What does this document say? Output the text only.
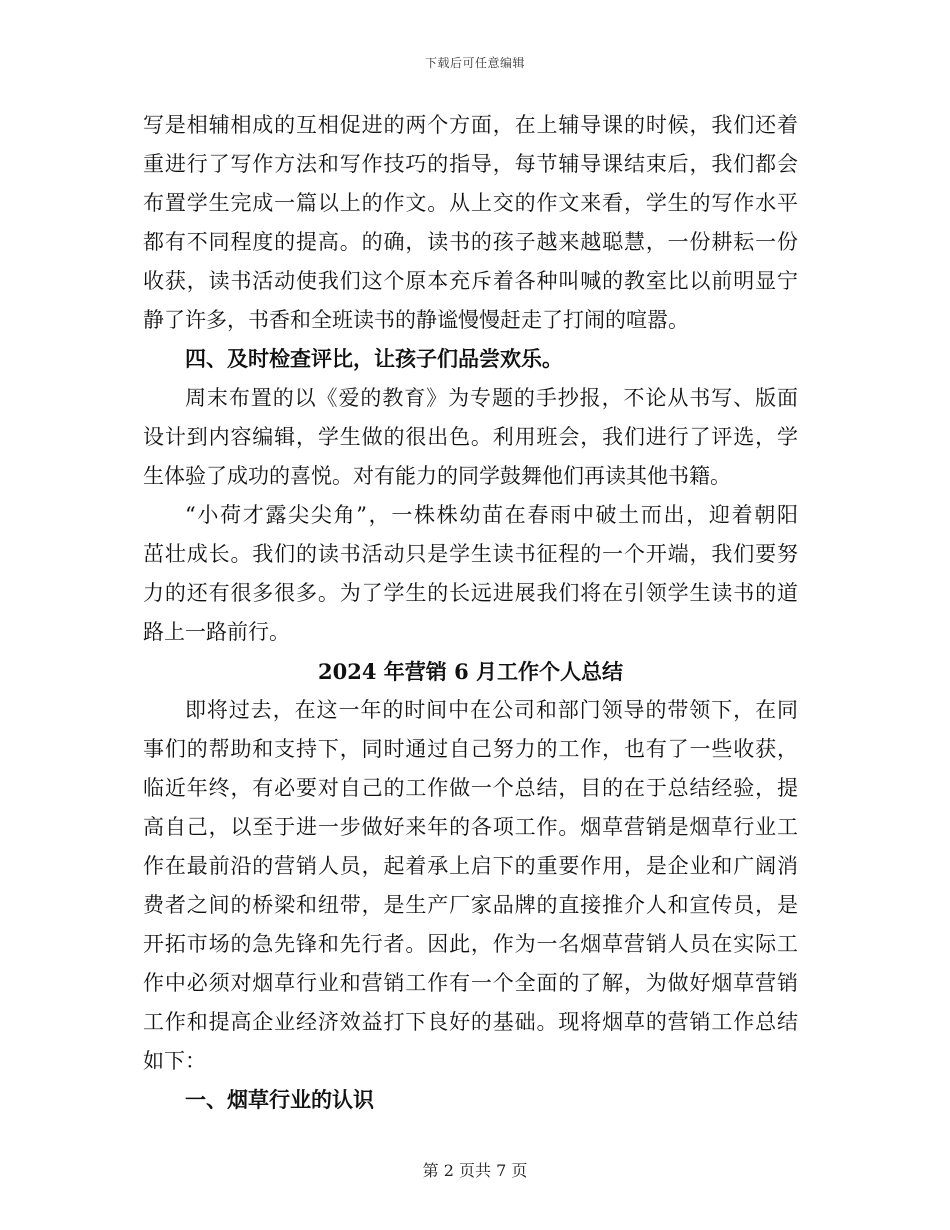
下载后可任意编辑
写是相辅相成的互相促进的两个方面，在上辅导课的时候，我们还着
重进行了写作方法和写作技巧的指导，每节辅导课结束后，我们都会
布置学生完成一篇以上的作文。从上交的作文来看，学生的写作水平
都有不同程度的提高。的确，读书的孩子越来越聪慧，一份耕耘一份
收获，读书活动使我们这个原本充斥着各种叫喊的教室比以前明显宁
静了许多，书香和全班读书的静谧慢慢赶走了打闹的喧嚣。
四、及时检查评比，让孩子们品尝欢乐。
周末布置的以《爱的教育》为专题的手抄报，不论从书写、版面
设计到内容编辑，学生做的很出色。利用班会，我们进行了评选，学
生体验了成功的喜悦。对有能力的同学鼓舞他们再读其他书籍。
“小荷才露尖尖角”，一株株幼苗在春雨中破土而出，迎着朝阳
茁壮成长。我们的读书活动只是学生读书征程的一个开端，我们要努
力的还有很多很多。为了学生的长远进展我们将在引领学生读书的道
路上一路前行。
2024 年营销 6 月工作个人总结
即将过去，在这一年的时间中在公司和部门领导的带领下，在同
事们的帮助和支持下，同时通过自己努力的工作，也有了一些收获，
临近年终，有必要对自己的工作做一个总结，目的在于总结经验，提
高自己，以至于进一步做好来年的各项工作。烟草营销是烟草行业工
作在最前沿的营销人员，起着承上启下的重要作用，是企业和广阔消
费者之间的桥梁和纽带，是生产厂家品牌的直接推介人和宣传员，是
开拓市场的急先锋和先行者。因此，作为一名烟草营销人员在实际工
作中必须对烟草行业和营销工作有一个全面的了解，为做好烟草营销
工作和提高企业经济效益打下良好的基础。现将烟草的营销工作总结
如下：
一、烟草行业的认识
第 2 页共 7 页
